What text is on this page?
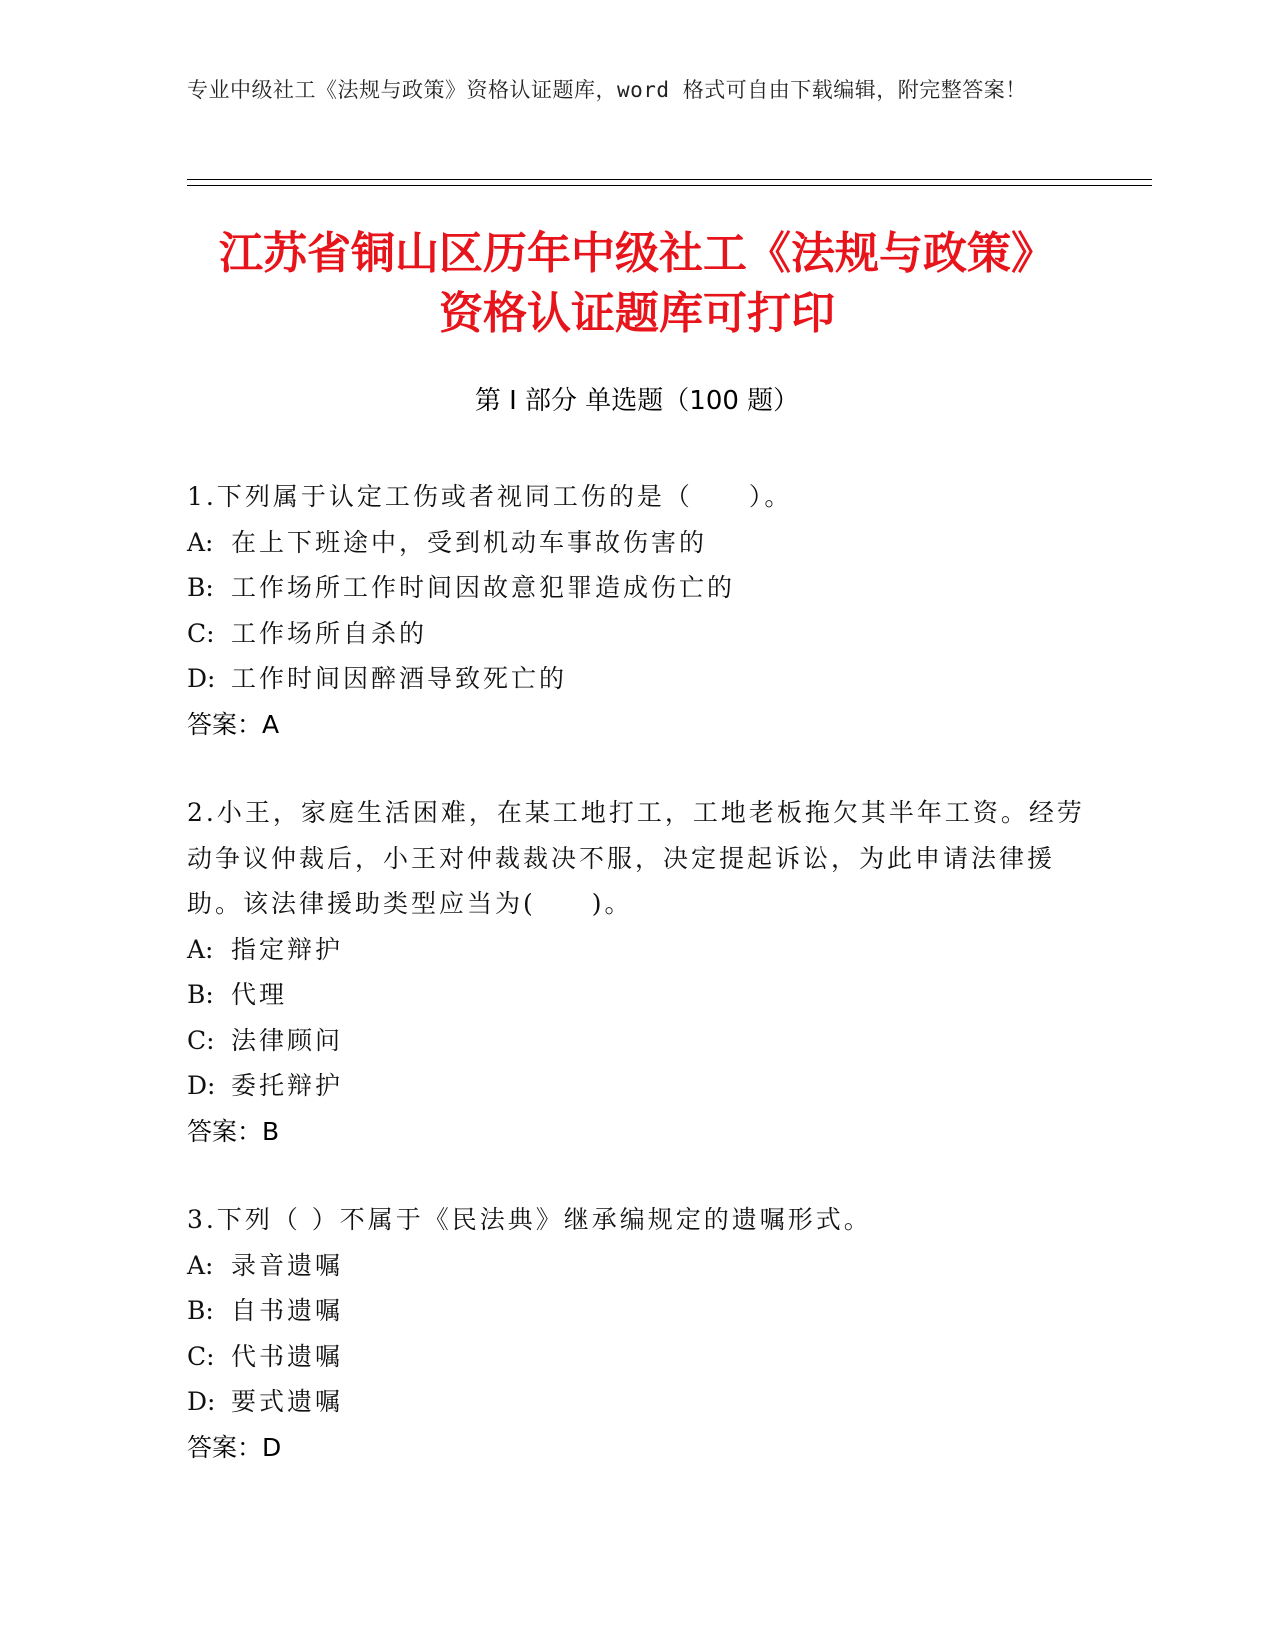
专业中级社工《法规与政策》资格认证题库，word 格式可自由下载编辑，附完整答案！
江苏省铜山区历年中级社工《法规与政策》
资格认证题库可打印
第 I 部分 单选题（100 题）
1.下列属于认定工伤或者视同工伤的是（　　）。
A: 在上下班途中，受到机动车事故伤害的
B: 工作场所工作时间因故意犯罪造成伤亡的
C: 工作场所自杀的
D: 工作时间因醉酒导致死亡的
答案：A
2.小王，家庭生活困难，在某工地打工，工地老板拖欠其半年工资。经劳动争议仲裁后，小王对仲裁裁决不服，决定提起诉讼，为此申请法律援助。该法律援助类型应当为(　　)。
A: 指定辩护
B: 代理
C: 法律顾问
D: 委托辩护
答案：B
3.下列（ ）不属于《民法典》继承编规定的遗嘱形式。
A: 录音遗嘱
B: 自书遗嘱
C: 代书遗嘱
D: 要式遗嘱
答案：D
